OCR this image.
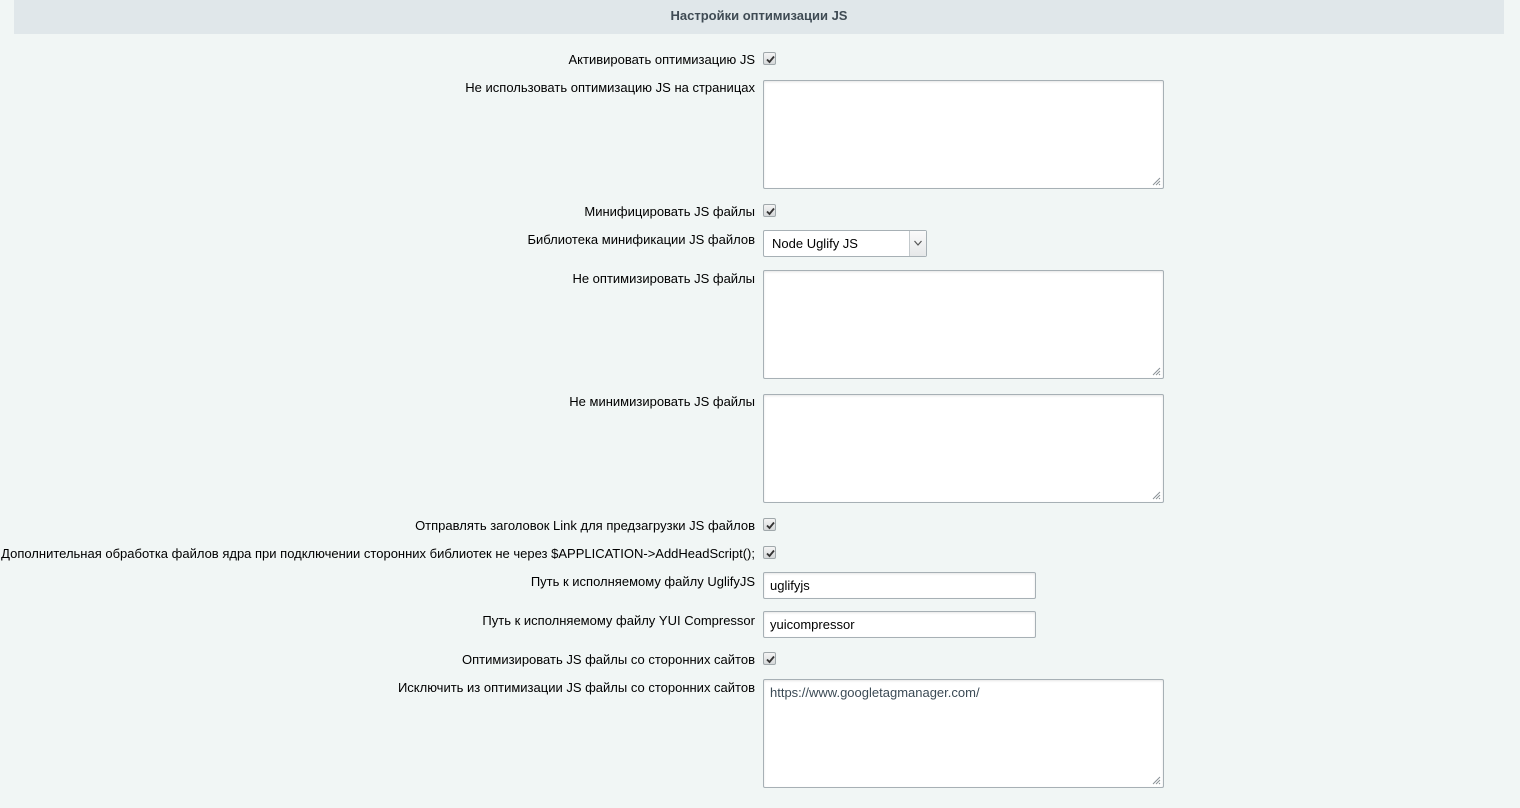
Настройки оптимизации JS
Активировать оптимизацию JS
Не использовать оптимизацию JS на страницах
Минифицировать JS файлы
Библиотека минификации JS файлов	Node Uglify JS
Не оптимизировать JS файлы
Не минимизировать JS файлы
Отправлять заголовок Link для предзагрузки JS файлов
Дополнительная обработка файлов ядра при подключении сторонних библиотек не через $APPLICATION->AddHeadScript();
Путь к исполняемому файлу UglifyJS	uglifyjs
Путь к исполняемому файлу YUI Compressor	yuicompressor
Оптимизировать JS файлы со сторонних сайтов
Исключить из оптимизации JS файлы со сторонних сайтов	https://www.googletagmanager.com/
